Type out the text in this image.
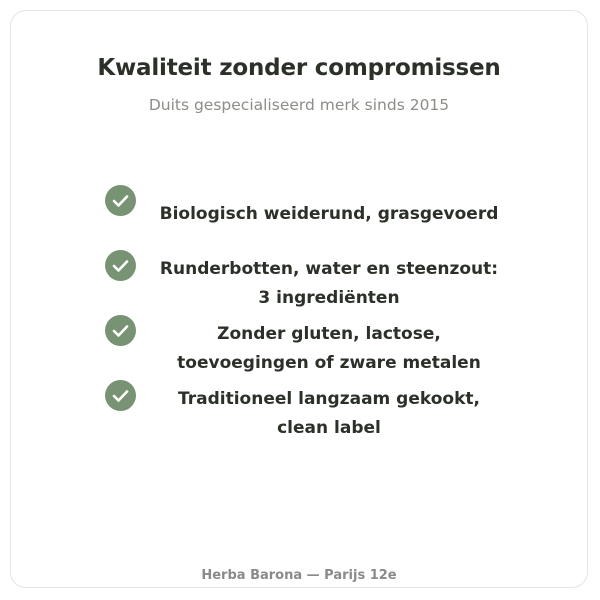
Kwaliteit zonder compromissen
Duits gespecialiseerd merk sinds 2015
Biologisch weiderund, grasgevoerd
Runderbotten, water en steenzout: 3 ingrediënten
Zonder gluten, lactose, toevoegingen of zware metalen
Traditioneel langzaam gekookt, clean label
Herba Barona — Parijs 12e
